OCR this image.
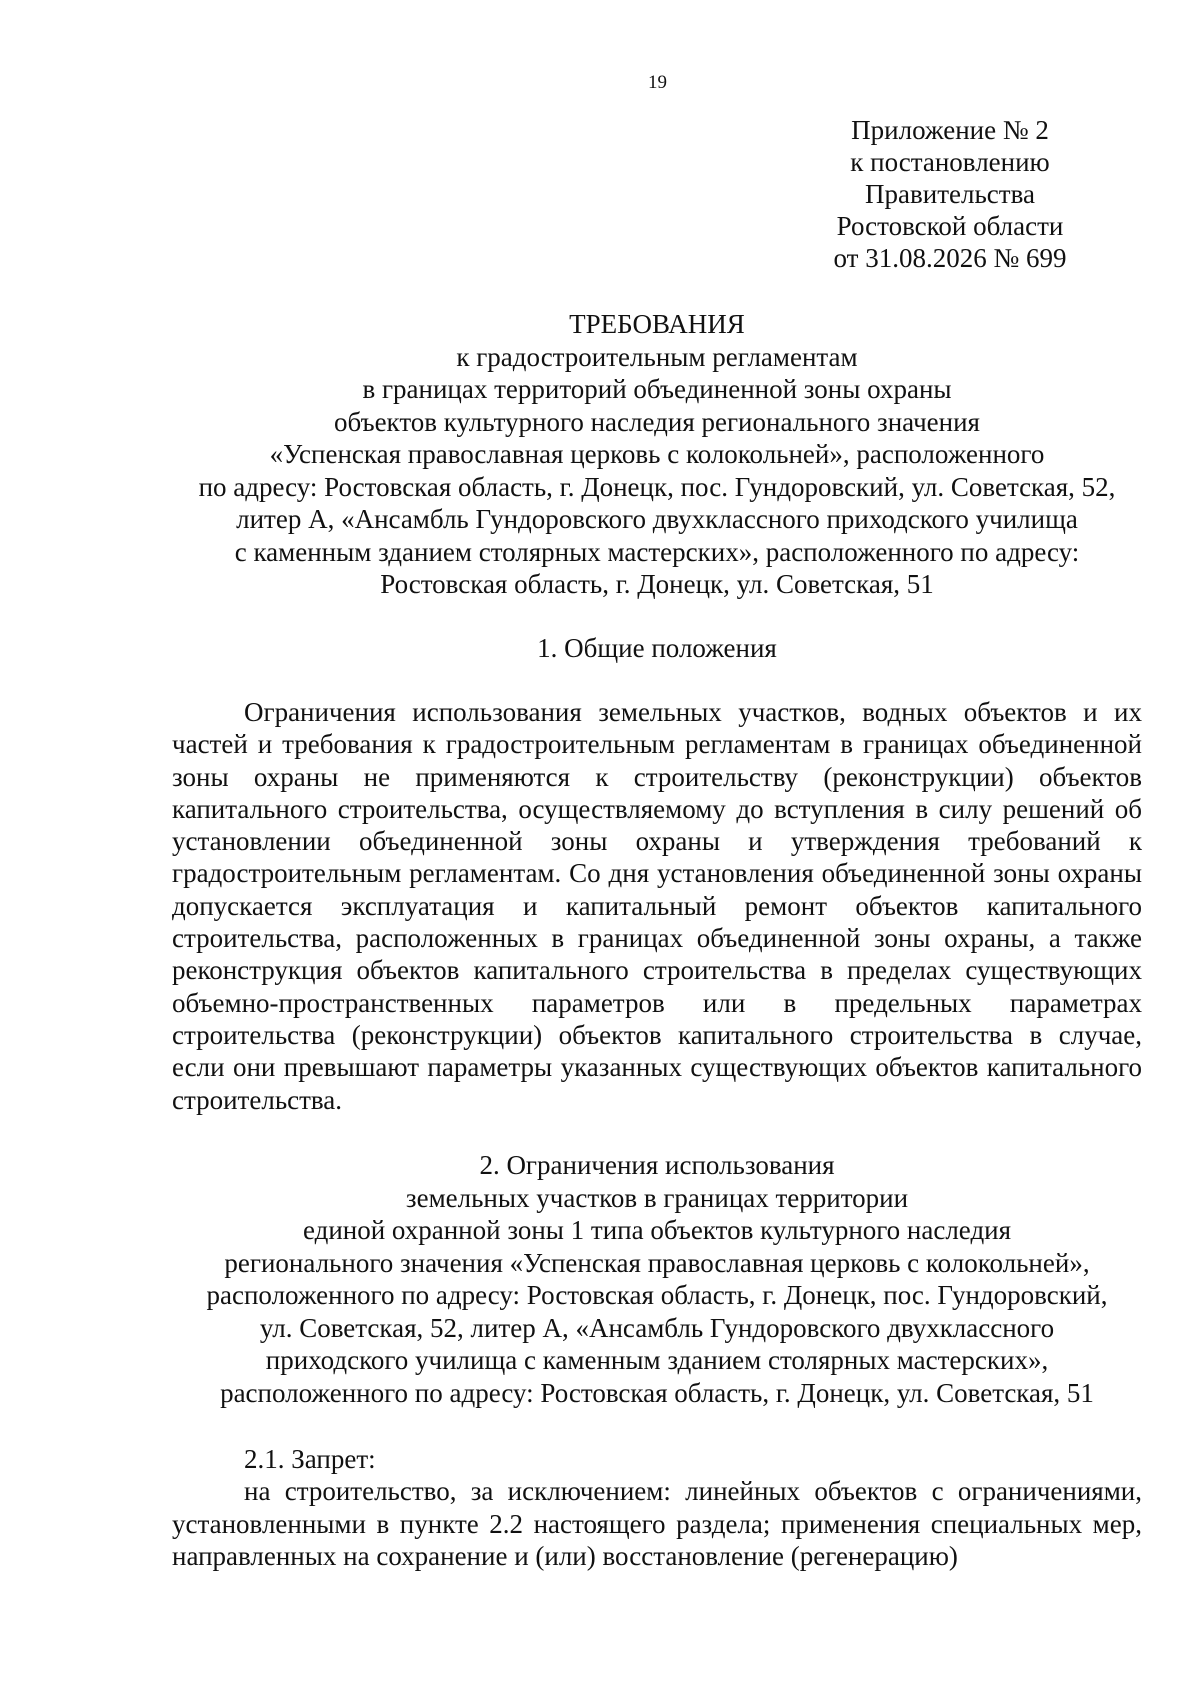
19
Приложение № 2
к постановлению
Правительства
Ростовской области
от 31.08.2026 № 699
ТРЕБОВАНИЯ
к градостроительным регламентам
в границах территорий объединенной зоны охраны
объектов культурного наследия регионального значения
«Успенская православная церковь с колокольней», расположенного
по адресу: Ростовская область, г. Донецк, пос. Гундоровский, ул. Советская, 52,
литер А, «Ансамбль Гундоровского двухклассного приходского училища
с каменным зданием столярных мастерских», расположенного по адресу:
Ростовская область, г. Донецк, ул. Советская, 51
1. Общие положения
Ограничения использования земельных участков, водных объектов и их частей и требования к градостроительным регламентам в границах объединенной зоны охраны не применяются к строительству (реконструкции) объектов капитального строительства, осуществляемому до вступления в силу решений об установлении объединенной зоны охраны и утверждения требований к градостроительным регламентам. Со дня установления объединенной зоны охраны допускается эксплуатация и капитальный ремонт объектов капитального строительства, расположенных в границах объединенной зоны охраны, а также реконструкция объектов капитального строительства в пределах существующих объемно-пространственных параметров или в предельных параметрах строительства (реконструкции) объектов капитального строительства в случае, если они превышают параметры указанных существующих объектов капитального строительства.
2. Ограничения использования
земельных участков в границах территории
единой охранной зоны 1 типа объектов культурного наследия
регионального значения «Успенская православная церковь с колокольней»,
расположенного по адресу: Ростовская область, г. Донецк, пос. Гундоровский,
ул. Советская, 52, литер А, «Ансамбль Гундоровского двухклассного
приходского училища с каменным зданием столярных мастерских»,
расположенного по адресу: Ростовская область, г. Донецк, ул. Советская, 51
2.1. Запрет:
на строительство, за исключением: линейных объектов с ограничениями, установленными в пункте 2.2 настоящего раздела; применения специальных мер, направленных на сохранение и (или) восстановление (регенерацию)
